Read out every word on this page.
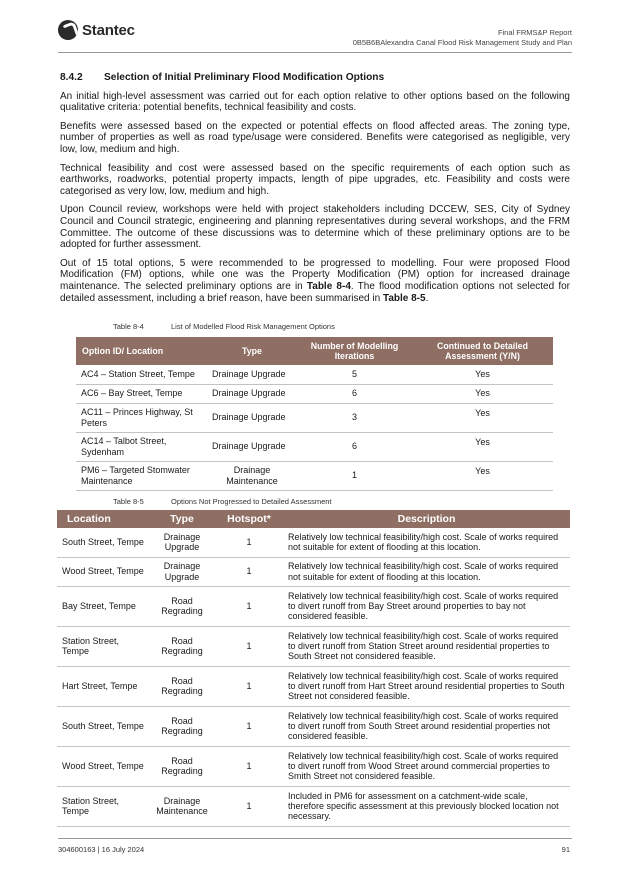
Stantec	Final FRMS&P Report
0B5B6BAlexandra Canal Flood Risk Management Study and Plan
8.4.2 Selection of Initial Preliminary Flood Modification Options

An initial high-level assessment was carried out for each option relative to other options based on the following qualitative criteria: potential benefits, technical feasibility and costs.

Benefits were assessed based on the expected or potential effects on flood affected areas. The zoning type, number of properties as well as road type/usage were considered. Benefits were categorised as negligible, very low, low, medium and high.

Technical feasibility and cost were assessed based on the specific requirements of each option such as earthworks, roadworks, potential property impacts, length of pipe upgrades, etc. Feasibility and costs were categorised as very low, low, medium and high.

Upon Council review, workshops were held with project stakeholders including DCCEW, SES, City of Sydney Council and Council strategic, engineering and planning representatives during several workshops, and the FRM Committee. The outcome of these discussions was to determine which of these preliminary options are to be adopted for further assessment.

Out of 15 total options, 5 were recommended to be progressed to modelling. Four were proposed Flood Modification (FM) options, while one was the Property Modification (PM) option for increased drainage maintenance. The selected preliminary options are in Table 8-4. The flood modification options not selected for detailed assessment, including a brief reason, have been summarised in Table 8-5.

Table 8-4	List of Modelled Flood Risk Management Options
Option ID/ Location	Type	Number of Modelling Iterations	Continued to Detailed Assessment (Y/N)
AC4 – Station Street, Tempe	Drainage Upgrade	5	Yes
AC6 – Bay Street, Tempe	Drainage Upgrade	6	Yes
AC11 – Princes Highway, St Peters	Drainage Upgrade	3	Yes
AC14 – Talbot Street, Sydenham	Drainage Upgrade	6	Yes
PM6 – Targeted Stomwater Maintenance	Drainage Maintenance	1	Yes
Table 8-5	Options Not Progressed to Detailed Assessment
Location	Type	Hotspot*	Description
South Street, Tempe	Drainage Upgrade	1	Relatively low technical feasibility/high cost. Scale of works required not suitable for extent of flooding at this location.
Wood Street, Tempe	Drainage Upgrade	1	Relatively low technical feasibility/high cost. Scale of works required not suitable for extent of flooding at this location.
Bay Street, Tempe	Road Regrading	1	Relatively low technical feasibility/high cost. Scale of works required to divert runoff from Bay Street around properties to bay not considered feasible.
Station Street, Tempe	Road Regrading	1	Relatively low technical feasibility/high cost. Scale of works required to divert runoff from Station Street around residential properties to South Street not considered feasible.
Hart Street, Tempe	Road Regrading	1	Relatively low technical feasibility/high cost. Scale of works required to divert runoff from Hart Street around residential properties to South Street not considered feasible.
South Street, Tempe	Road Regrading	1	Relatively low technical feasibility/high cost. Scale of works required to divert runoff from South Street around residential properties not considered feasible.
Wood Street, Tempe	Road Regrading	1	Relatively low technical feasibility/high cost. Scale of works required to divert runoff from Wood Street around commercial properties to Smith Street not considered feasible.
Station Street, Tempe	Drainage Maintenance	1	Included in PM6 for assessment on a catchment-wide scale, therefore specific assessment at this previously blocked location not necessary.
304600163 | 16 July 2024	91
